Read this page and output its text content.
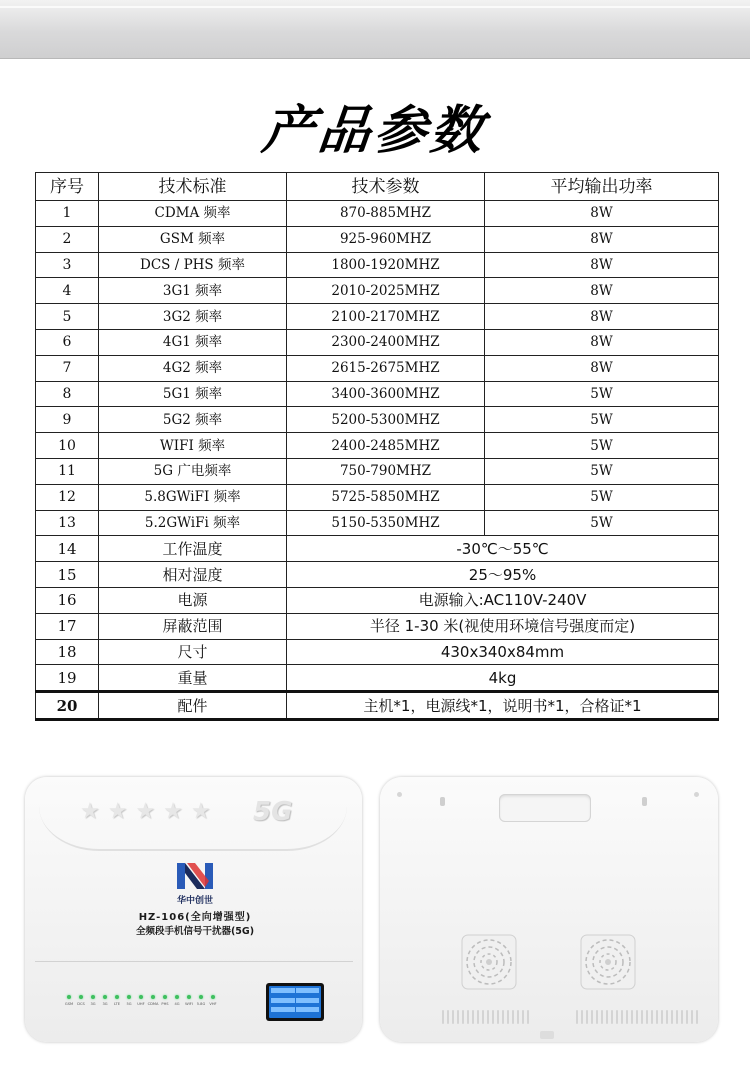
产品参数
序号	技术标准	技术参数	平均输出功率
1	CDMA 频率	870-885MHZ	8W
2	GSM 频率	925-960MHZ	8W
3	DCS / PHS 频率	1800-1920MHZ	8W
4	3G1 频率	2010-2025MHZ	8W
5	3G2 频率	2100-2170MHZ	8W
6	4G1 频率	2300-2400MHZ	8W
7	4G2 频率	2615-2675MHZ	8W
8	5G1 频率	3400-3600MHZ	5W
9	5G2 频率	5200-5300MHZ	5W
10	WIFI 频率	2400-2485MHZ	5W
11	5G 广电频率	750-790MHZ	5W
12	5.8GWiFI 频率	5725-5850MHZ	5W
13	5.2GWiFi 频率	5150-5350MHZ	5W
14	工作温度	-30℃～55℃	
15	相对湿度	25～95%	
16	电源	电源输入:AC110V-240V	
17	屏蔽范围	半径 1-30 米(视使用环境信号强度而定)	
18	尺寸	430x340x84mm	
19	重量	4kg	
20	配件	主机*1，电源线*1，说明书*1，合格证*1	
★★★★★ 5G
华中创世
HZ-106(全向增强型)
全频段手机信号干扰器(5G)
GSM DCS 3G 3G LTE 5G UHF CDMA PHS 4G WIFI 5.8G VHF
